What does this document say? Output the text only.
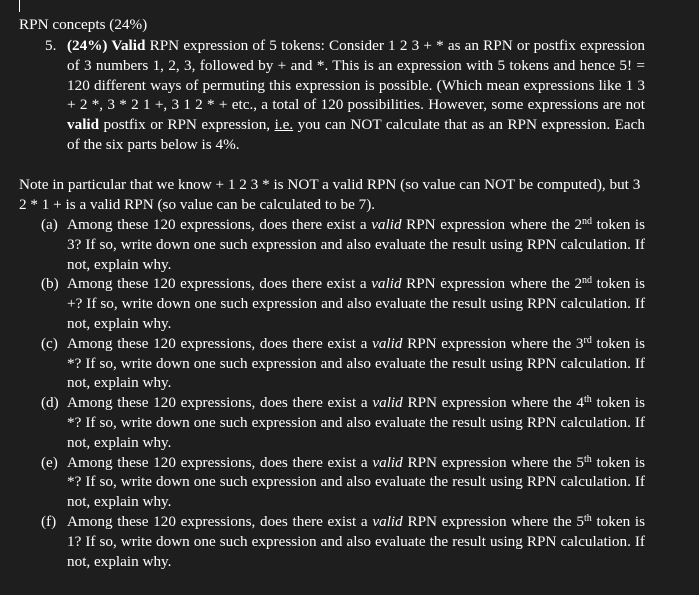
RPN concepts (24%)
5. (24%) Valid RPN expression of 5 tokens: Consider 1 2 3 + * as an RPN or postfix expression of 3 numbers 1, 2, 3, followed by + and *. This is an expression with 5 tokens and hence 5! = 120 different ways of permuting this expression is possible. (Which mean expressions like 1 3 + 2 *, 3 * 2 1 +, 3 1 2 * + etc., a total of 120 possibilities. However, some expressions are not valid postfix or RPN expression, i.e. you can NOT calculate that as an RPN expression. Each of the six parts below is 4%.
Note in particular that we know + 1 2 3 * is NOT a valid RPN (so value can NOT be computed), but 3 2 * 1 + is a valid RPN (so value can be calculated to be 7).
(a) Among these 120 expressions, does there exist a valid RPN expression where the 2nd token is 3? If so, write down one such expression and also evaluate the result using RPN calculation. If not, explain why.
(b) Among these 120 expressions, does there exist a valid RPN expression where the 2nd token is +? If so, write down one such expression and also evaluate the result using RPN calculation. If not, explain why.
(c) Among these 120 expressions, does there exist a valid RPN expression where the 3rd token is *? If so, write down one such expression and also evaluate the result using RPN calculation. If not, explain why.
(d) Among these 120 expressions, does there exist a valid RPN expression where the 4th token is *? If so, write down one such expression and also evaluate the result using RPN calculation. If not, explain why.
(e) Among these 120 expressions, does there exist a valid RPN expression where the 5th token is *? If so, write down one such expression and also evaluate the result using RPN calculation. If not, explain why.
(f) Among these 120 expressions, does there exist a valid RPN expression where the 5th token is 1? If so, write down one such expression and also evaluate the result using RPN calculation. If not, explain why.
